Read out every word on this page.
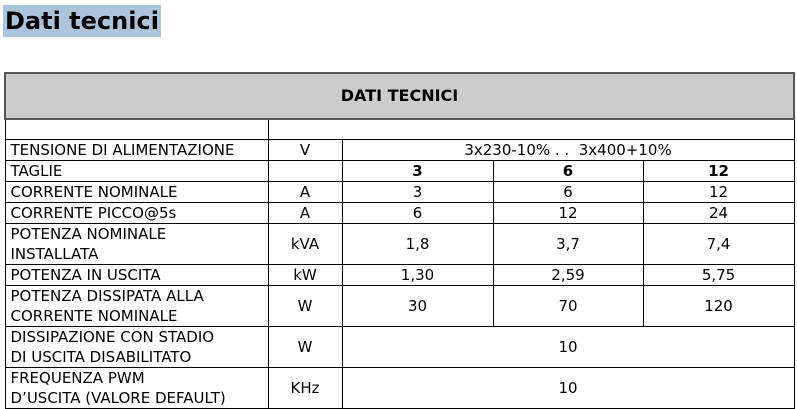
Dati tecnici
DATI TECNICI				

TENSIONE DI ALIMENTAZIONE	V	3x230-10% . .  3x400+10%		
TAGLIE		3	6	12
CORRENTE NOMINALE	A	3	6	12
CORRENTE PICCO@5s	A	6	12	24

POTENZA NOMINALE
INSTALLATA	kVA	1,8	3,7	7,4
POTENZA IN USCITA	kW	1,30	2,59	5,75

POTENZA DISSIPATA ALLA
CORRENTE NOMINALE	W	30	70	120

DISSIPAZIONE CON STADIO
DI USCITA DISABILITATO	W	10		

FREQUENZA PWM
D’USCITA (VALORE DEFAULT)	KHz	10		
